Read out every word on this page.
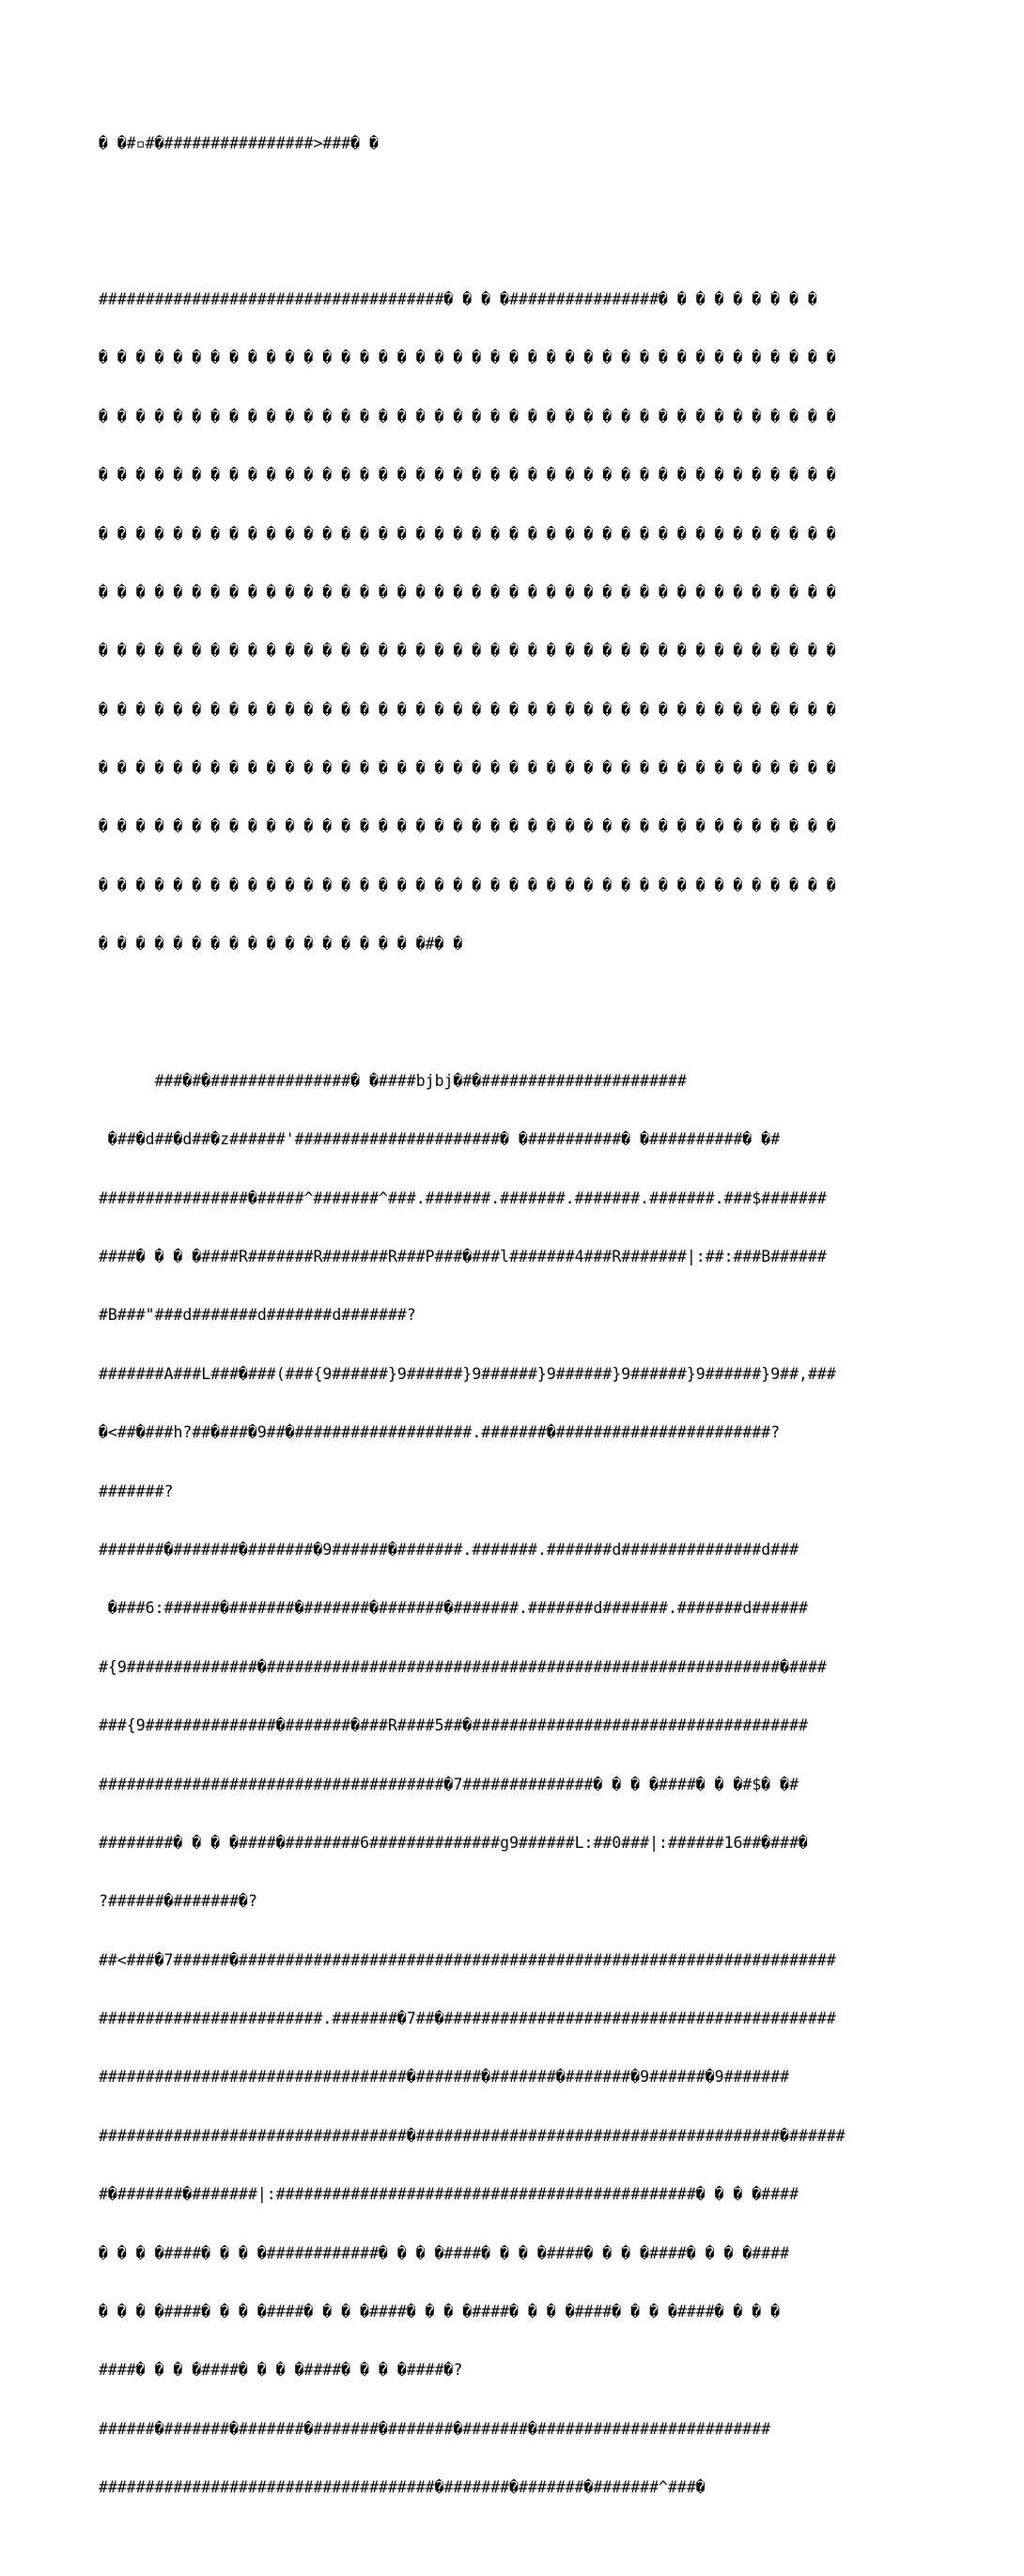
� �#▫#�################>###� �

#####################################� � � �################� � � � � � � � �

� � � � � � � � � � � � � � � � � � � � � � � � � � � � � � � � � � � � � � � �

� � � � � � � � � � � � � � � � � � � � � � � � � � � � � � � � � � � � � � � �

� � � � � � � � � � � � � � � � � � � � � � � � � � � � � � � � � � � � � � � �

� � � � � � � � � � � � � � � � � � � � � � � � � � � � � � � � � � � � � � � �

� � � � � � � � � � � � � � � � � � � � � � � � � � � � � � � � � � � � � � � �

� � � � � � � � � � � � � � � � � � � � � � � � � � � � � � � � � � � � � � � �

� � � � � � � � � � � � � � � � � � � � � � � � � � � � � � � � � � � � � � � �

� � � � � � � � � � � � � � � � � � � � � � � � � � � � � � � � � � � � � � � �

� � � � � � � � � � � � � � � � � � � � � � � � � � � � � � � � � � � � � � � �

� � � � � � � � � � � � � � � � � � � � � � � � � � � � � � � � � � � � � � � �

� � � � � � � � � � � � � � � � � �#� �

###�#�###############� �####bjbj�#�######################

�##�d##�d##�z######'######################� �##########� �##########� �#

################�#####^#######^###.#######.#######.#######.#######.###$#######

####� � � �####R#######R#######R###P###�###l#######4###R#######|:##:###B######

#B###"###d#######d#######d#######?

#######A###L###�###(###{9######}9######}9######}9######}9######}9######}9##,###

�<##�###h?##�###�9##�###################.#######�#######################?

#######?

#######�#######�#######�9######�#######.#######.#######d###############d###

�###6:######�#######�#######�#######�#######.#######d#######.#######d######

#{9##############�#######################################################�####

###{9##############�#######�###R####5##�####################################

#####################################�7##############� � � �####� � �#$� �#

########� � � �####�########6##############g9######L:##0###|:######16##�###�

?######�#######�?

##<###�7######�################################################################

########################.#######�7##�##########################################

#################################�#######�#######�#######�9######�9#######

#################################�#######################################�######

#�#######�#######|:#############################################� � � �####

� � � �####� � � �############� � � �####� � � �####� � � �####� � � �####

� � � �####� � � �####� � � �####� � � �####� � � �####� � � �####� � � �

####� � � �####� � � �####� � � �####�?

######�#######�#######�#######�#######�#######�#########################

####################################�#######�#######�#######^###�
